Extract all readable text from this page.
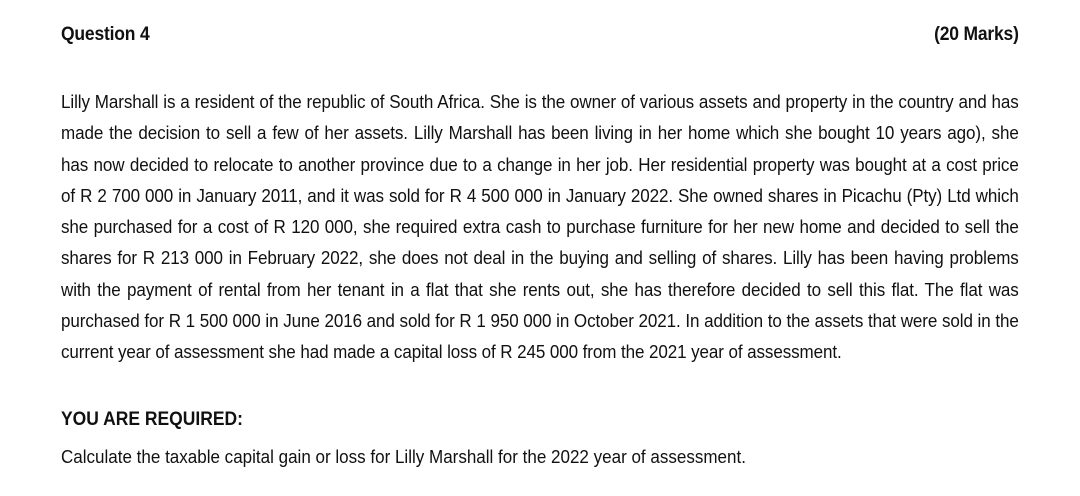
Question 4	(20 Marks)

Lilly Marshall is a resident of the republic of South Africa. She is the owner of various assets and property in the country and has made the decision to sell a few of her assets. Lilly Marshall has been living in her home which she bought 10 years ago), she has now decided to relocate to another province due to a change in her job. Her residential property was bought at a cost price of R 2 700 000 in January 2011, and it was sold for R 4 500 000 in January 2022. She owned shares in Picachu (Pty) Ltd which she purchased for a cost of R 120 000, she required extra cash to purchase furniture for her new home and decided to sell the shares for R 213 000 in February 2022, she does not deal in the buying and selling of shares. Lilly has been having problems with the payment of rental from her tenant in a flat that she rents out, she has therefore decided to sell this flat. The flat was purchased for R 1 500 000 in June 2016 and sold for R 1 950 000 in October 2021. In addition to the assets that were sold in the current year of assessment she had made a capital loss of R 245 000 from the 2021 year of assessment.

YOU ARE REQUIRED:

Calculate the taxable capital gain or loss for Lilly Marshall for the 2022 year of assessment.
